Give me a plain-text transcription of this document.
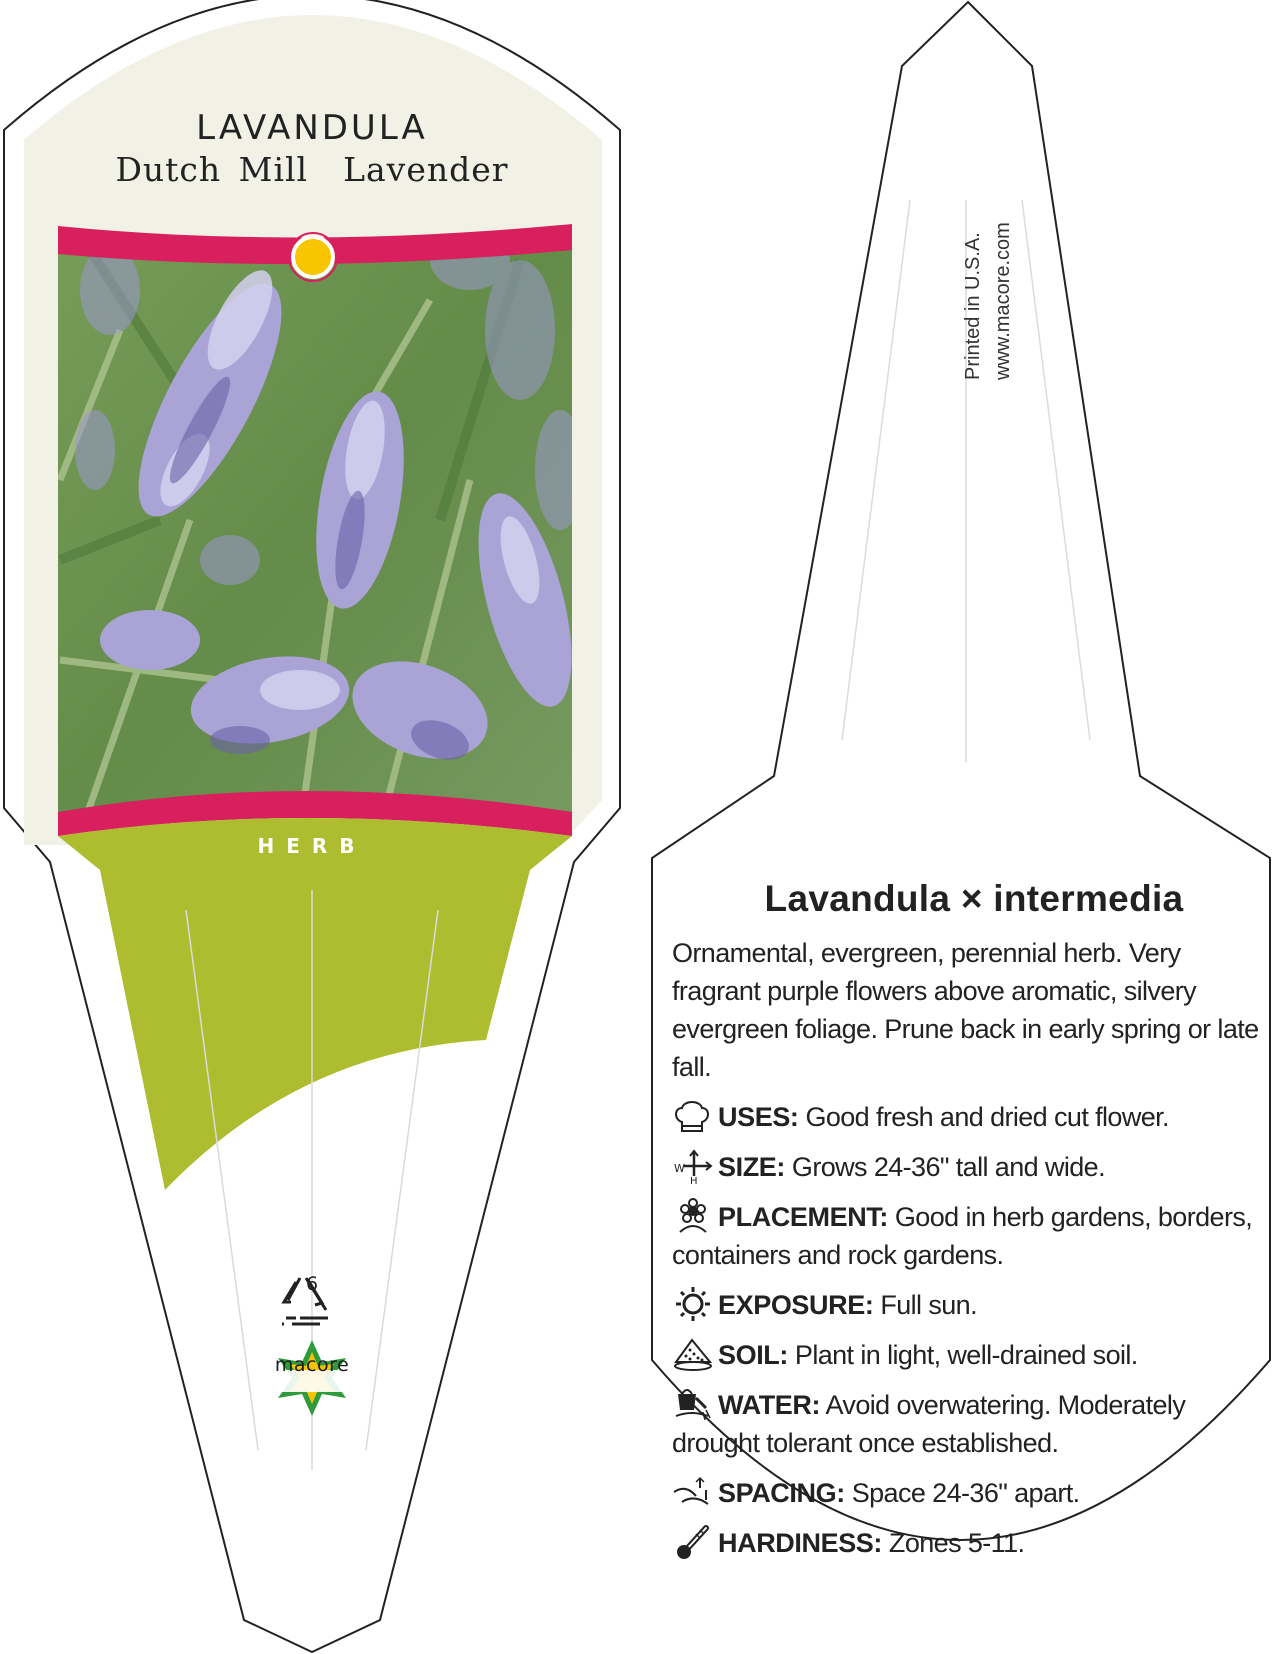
LAVANDULA
Dutch Mill  Lavender
HERB
6
macore
Printed in U.S.A. www.macore.com
Lavandula × intermedia
Ornamental, evergreen, perennial herb. Very fragrant purple flowers above aromatic, silvery evergreen foliage. Prune back in early spring or late fall.
USES: Good fresh and dried cut flower.
W
H SIZE: Grows 24-36" tall and wide.
PLACEMENT: Good in herb gardens, borders, containers and rock gardens.
EXPOSURE: Full sun.
SOIL: Plant in light, well-drained soil.
WATER: Avoid overwatering. Moderately drought tolerant once established.
SPACING: Space 24-36" apart.
HARDINESS: Zones 5-11.
